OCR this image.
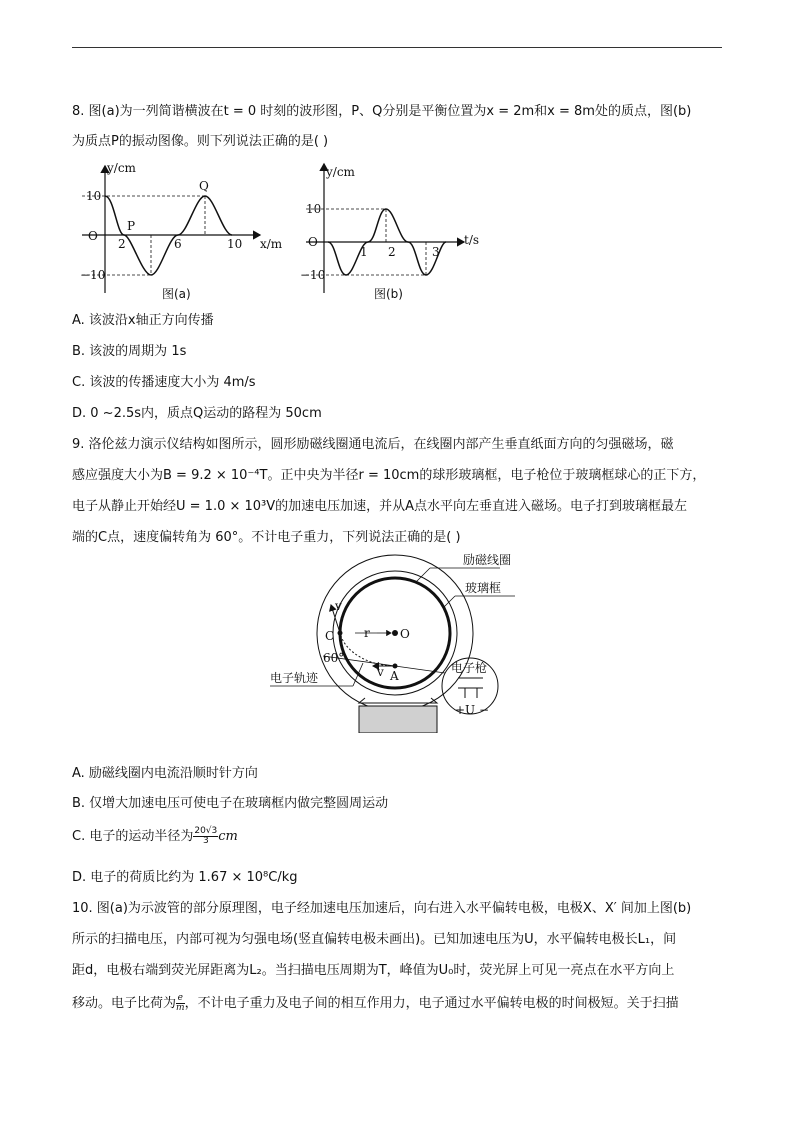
8. 图(a)为一列简谐横波在t = 0 时刻的波形图，P、Q分别是平衡位置为x = 2m和x = 8m处的质点，图(b)
为质点P的振动图像。则下列说法正确的是( )
y/cm
x/m
O
10
−10
2	6	10
P
Q
图(a)
y/cm
t/s
O
10
−10
1 2	3
图(b)
A. 该波沿x轴正方向传播
B. 该波的周期为 1s
C. 该波的传播速度大小为 4m/s
D. 0 ~2.5s内，质点Q运动的路程为 50cm
9. 洛伦兹力演示仪结构如图所示，圆形励磁线圈通电流后，在线圈内部产生垂直纸面方向的匀强磁场，磁
感应强度大小为B = 9.2 × 10⁻⁴T。正中央为半径r = 10cm的球形玻璃框，电子枪位于玻璃框球心的正下方，
电子从静止开始经U = 1.0 × 10³V的加速电压加速，并从A点水平向左垂直进入磁场。电子打到玻璃框最左
端的C点，速度偏转角为 60°。不计电子重力，下列说法正确的是( )
励磁线圈
玻璃框
电子轨迹
电子枪
C	O
A
r
v
v
60°
+U −
A. 励磁线圈内电流沿顺时针方向
B. 仅增大加速电压可使电子在玻璃框内做完整圆周运动
C. 电子的运动半径为 $\frac{20√3}{3}$ cm
D. 电子的荷质比约为 1.67 × 10⁸C/kg
10. 图(a)为示波管的部分原理图，电子经加速电压加速后，向右进入水平偏转电极，电极X、X′ 间加上图(b)
所示的扫描电压，内部可视为匀强电场(竖直偏转电极未画出)。已知加速电压为U，水平偏转电极长L₁，间
距d，电极右端到荧光屏距离为L₂。当扫描电压周期为T，峰值为U₀时，荧光屏上可见一亮点在水平方向上
移动。电子比荷为 $\frac{e}{m}$ ，不计电子重力及电子间的相互作用力，电子通过水平偏转电极的时间极短。关于扫描
